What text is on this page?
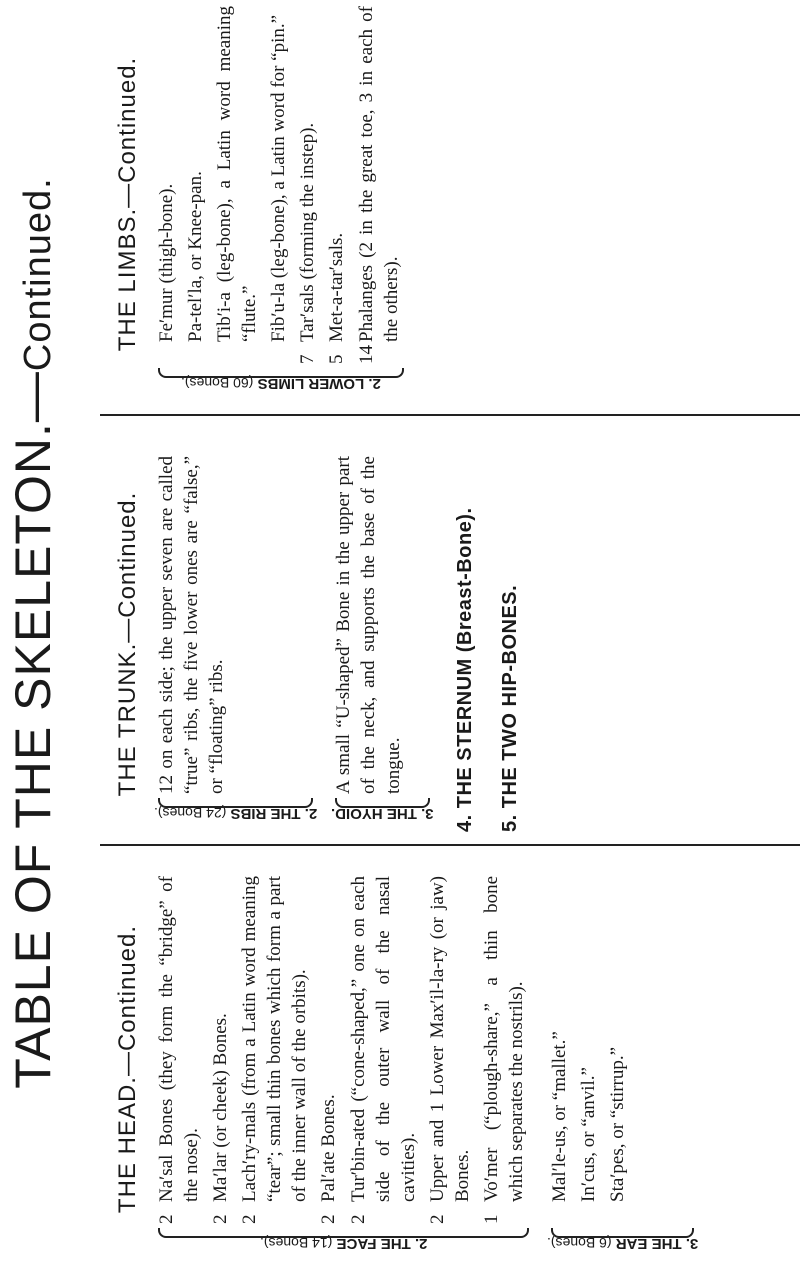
TABLE OF THE SKELETON.—Continued.
THE HEAD.—Continued.
2. THE FACE (14 Bones).
2
Na′sal Bones (they form the “bridge” of the nose).
2
Ma′lar (or cheek) Bones.
2
Lach′ry-mals (from a Latin word meaning “tear”; small thin bones which form a part of the inner wall of the orbits).
2
Pal′ate Bones.
2
Tur′bin-ated (“cone-shaped,” one on each side of the outer wall of the nasal cavities).
2
Upper and 1 Lower Max′il-la-ry (or jaw) Bones.
1
Vo′mer (“plough-share,” a thin bone which separates the nostrils).
3. THE EAR (6 Bones).
Mal′le-us, or “mallet.” In′cus, or “anvil.” Sta′pes, or “stirrup.”
THE TRUNK.—Continued.
2. THE RIBS (24 Bones).
12 on each side; the upper seven are called “true” ribs, the five lower ones are “false,” or “floating” ribs.
3. THE HYOID.
A small “U-shaped” Bone in the upper part of the neck, and supports the base of the tongue. 4. THE STERNUM (Breast-Bone). 5. THE TWO HIP-BONES.
THE LIMBS.—Continued.
2. LOWER LIMBS (60 Bones).
Fe′mur (thigh-bone). Pa-tel′la, or Knee-pan. Tib′i-a (leg-bone), a Latin word meaning “flute.” Fib′u-la (leg-bone), a Latin word for “pin.”
7
Tar′sals (forming the instep).
5
Met-a-tar′sals.
14
Phalanges (2 in the great toe, 3 in each of the others).
